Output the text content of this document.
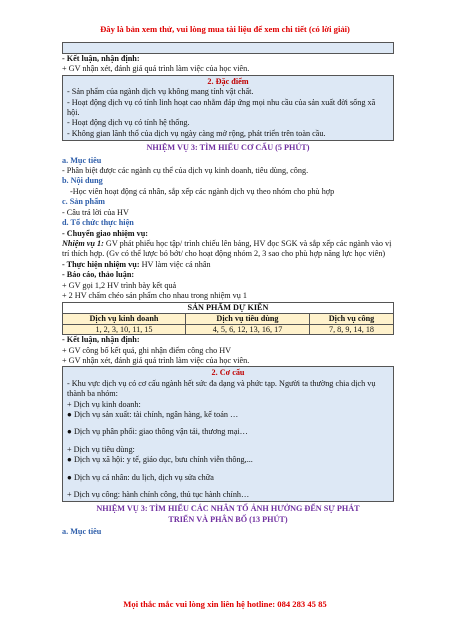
Đây là bản xem thử, vui lòng mua tài liệu để xem chi tiết (có lời giải)

- Kết luận, nhận định:

+ GV nhận xét, đánh giá quá trình làm việc của học viên.

2. Đặc điểm
- Sản phẩm của ngành dịch vụ không mang tính vật chất.
- Hoạt động dịch vụ có tính linh hoạt cao nhằm đáp ứng mọi nhu cầu của sản xuất đời sống xã hội.
- Hoạt động dịch vụ có tính hệ thống.
- Không gian lãnh thổ của dịch vụ ngày càng mở rộng, phát triển trên toàn cầu.
NHIỆM VỤ 3: TÌM HIỂU CƠ CẤU (5 PHÚT)

a. Mục tiêu

- Phân biệt được các ngành cụ thể của dịch vụ kinh doanh, tiêu dùng, công.

b. Nội dung

-Học viên hoạt động cá nhân, sắp xếp các ngành dịch vụ theo nhóm cho phù hợp

c. Sản phẩm

- Câu trả lời của HV

d. Tổ chức thực hiện

- Chuyển giao nhiệm vụ:

Nhiệm vụ 1: GV phát phiếu học tập/ trình chiếu lên bảng, HV đọc SGK và sắp xếp các ngành vào vị trí thích hợp. (Gv có thể lược bỏ bớt/ cho hoạt động nhóm 2, 3 sao cho phù hợp năng lực học viên)

- Thực hiện nhiệm vụ: HV làm việc cá nhân

- Báo cáo, thảo luận:

+ GV gọi 1,2 HV trình bày kết quả

+ 2 HV chấm chéo sản phẩm cho nhau trong nhiệm vụ 1

SẢN PHẨM DỰ KIẾN		
Dịch vụ kinh doanh	Dịch vụ tiêu dùng	Dịch vụ công
1, 2, 3, 10, 11, 15	4, 5, 6, 12, 13, 16, 17	7, 8, 9, 14, 18

- Kết luận, nhận định:

+ GV công bố kết quả, ghi nhận điểm công cho HV

+ GV nhận xét, đánh giá quá trình làm việc của học viên.

2. Cơ cấu
- Khu vực dịch vụ có cơ cấu ngành hết sức đa dạng và phức tạp. Người ta thường chia dịch vụ thành ba nhóm:
+ Dịch vụ kinh doanh:
● Dịch vụ sản xuất: tài chính, ngân hàng, kế toán …
● Dịch vụ phân phối: giao thông vận tải, thương mại…
+ Dịch vụ tiêu dùng:
● Dịch vụ xã hội: y tế, giáo dục, bưu chính viễn thông,...
● Dịch vụ cá nhân: du lịch, dịch vụ sửa chữa
+ Dịch vụ công: hành chính công, thủ tục hành chính…
NHIỆM VỤ 3: TÌM HIỂU CÁC NHÂN TỐ ẢNH HƯỞNG ĐẾN SỰ PHÁT
TRIỂN VÀ PHÂN BỐ (13 PHÚT)

a. Mục tiêu

Mọi thắc mắc vui lòng xin liên hệ hotline: 084 283 45 85
